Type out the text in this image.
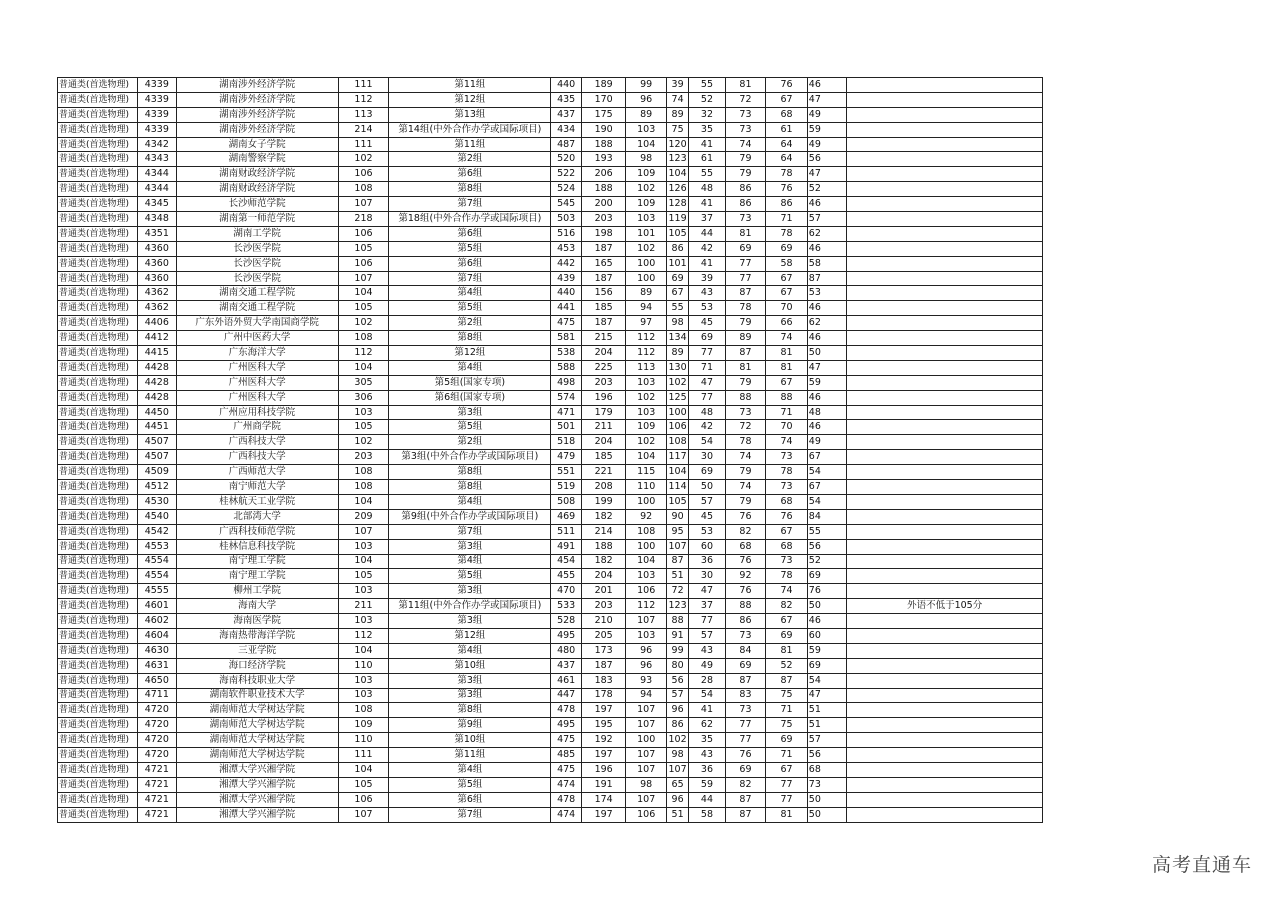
普通类(首选物理)	4339	湖南涉外经济学院	111	第11组	440	189	99	39	55	81	76	46	
普通类(首选物理)	4339	湖南涉外经济学院	112	第12组	435	170	96	74	52	72	67	47	
普通类(首选物理)	4339	湖南涉外经济学院	113	第13组	437	175	89	89	32	73	68	49	
普通类(首选物理)	4339	湖南涉外经济学院	214	第14组(中外合作办学或国际项目)	434	190	103	75	35	73	61	59	
普通类(首选物理)	4342	湖南女子学院	111	第11组	487	188	104	120	41	74	64	49	
普通类(首选物理)	4343	湖南警察学院	102	第2组	520	193	98	123	61	79	64	56	
普通类(首选物理)	4344	湖南财政经济学院	106	第6组	522	206	109	104	55	79	78	47	
普通类(首选物理)	4344	湖南财政经济学院	108	第8组	524	188	102	126	48	86	76	52	
普通类(首选物理)	4345	长沙师范学院	107	第7组	545	200	109	128	41	86	86	46	
普通类(首选物理)	4348	湖南第一师范学院	218	第18组(中外合作办学或国际项目)	503	203	103	119	37	73	71	57	
普通类(首选物理)	4351	湖南工学院	106	第6组	516	198	101	105	44	81	78	62	
普通类(首选物理)	4360	长沙医学院	105	第5组	453	187	102	86	42	69	69	46	
普通类(首选物理)	4360	长沙医学院	106	第6组	442	165	100	101	41	77	58	58	
普通类(首选物理)	4360	长沙医学院	107	第7组	439	187	100	69	39	77	67	87	
普通类(首选物理)	4362	湖南交通工程学院	104	第4组	440	156	89	67	43	87	67	53	
普通类(首选物理)	4362	湖南交通工程学院	105	第5组	441	185	94	55	53	78	70	46	
普通类(首选物理)	4406	广东外语外贸大学南国商学院	102	第2组	475	187	97	98	45	79	66	62	
普通类(首选物理)	4412	广州中医药大学	108	第8组	581	215	112	134	69	89	74	46	
普通类(首选物理)	4415	广东海洋大学	112	第12组	538	204	112	89	77	87	81	50	
普通类(首选物理)	4428	广州医科大学	104	第4组	588	225	113	130	71	81	81	47	
普通类(首选物理)	4428	广州医科大学	305	第5组(国家专项)	498	203	103	102	47	79	67	59	
普通类(首选物理)	4428	广州医科大学	306	第6组(国家专项)	574	196	102	125	77	88	88	46	
普通类(首选物理)	4450	广州应用科技学院	103	第3组	471	179	103	100	48	73	71	48	
普通类(首选物理)	4451	广州商学院	105	第5组	501	211	109	106	42	72	70	46	
普通类(首选物理)	4507	广西科技大学	102	第2组	518	204	102	108	54	78	74	49	
普通类(首选物理)	4507	广西科技大学	203	第3组(中外合作办学或国际项目)	479	185	104	117	30	74	73	67	
普通类(首选物理)	4509	广西师范大学	108	第8组	551	221	115	104	69	79	78	54	
普通类(首选物理)	4512	南宁师范大学	108	第8组	519	208	110	114	50	74	73	67	
普通类(首选物理)	4530	桂林航天工业学院	104	第4组	508	199	100	105	57	79	68	54	
普通类(首选物理)	4540	北部湾大学	209	第9组(中外合作办学或国际项目)	469	182	92	90	45	76	76	84	
普通类(首选物理)	4542	广西科技师范学院	107	第7组	511	214	108	95	53	82	67	55	
普通类(首选物理)	4553	桂林信息科技学院	103	第3组	491	188	100	107	60	68	68	56	
普通类(首选物理)	4554	南宁理工学院	104	第4组	454	182	104	87	36	76	73	52	
普通类(首选物理)	4554	南宁理工学院	105	第5组	455	204	103	51	30	92	78	69	
普通类(首选物理)	4555	柳州工学院	103	第3组	470	201	106	72	47	76	74	76	
普通类(首选物理)	4601	海南大学	211	第11组(中外合作办学或国际项目)	533	203	112	123	37	88	82	50	外语不低于105分
普通类(首选物理)	4602	海南医学院	103	第3组	528	210	107	88	77	86	67	46	
普通类(首选物理)	4604	海南热带海洋学院	112	第12组	495	205	103	91	57	73	69	60	
普通类(首选物理)	4630	三亚学院	104	第4组	480	173	96	99	43	84	81	59	
普通类(首选物理)	4631	海口经济学院	110	第10组	437	187	96	80	49	69	52	69	
普通类(首选物理)	4650	海南科技职业大学	103	第3组	461	183	93	56	28	87	87	54	
普通类(首选物理)	4711	湖南软件职业技术大学	103	第3组	447	178	94	57	54	83	75	47	
普通类(首选物理)	4720	湖南师范大学树达学院	108	第8组	478	197	107	96	41	73	71	51	
普通类(首选物理)	4720	湖南师范大学树达学院	109	第9组	495	195	107	86	62	77	75	51	
普通类(首选物理)	4720	湖南师范大学树达学院	110	第10组	475	192	100	102	35	77	69	57	
普通类(首选物理)	4720	湖南师范大学树达学院	111	第11组	485	197	107	98	43	76	71	56	
普通类(首选物理)	4721	湘潭大学兴湘学院	104	第4组	475	196	107	107	36	69	67	68	
普通类(首选物理)	4721	湘潭大学兴湘学院	105	第5组	474	191	98	65	59	82	77	73	
普通类(首选物理)	4721	湘潭大学兴湘学院	106	第6组	478	174	107	96	44	87	77	50	
普通类(首选物理)	4721	湘潭大学兴湘学院	107	第7组	474	197	106	51	58	87	81	50	
高考直通车
